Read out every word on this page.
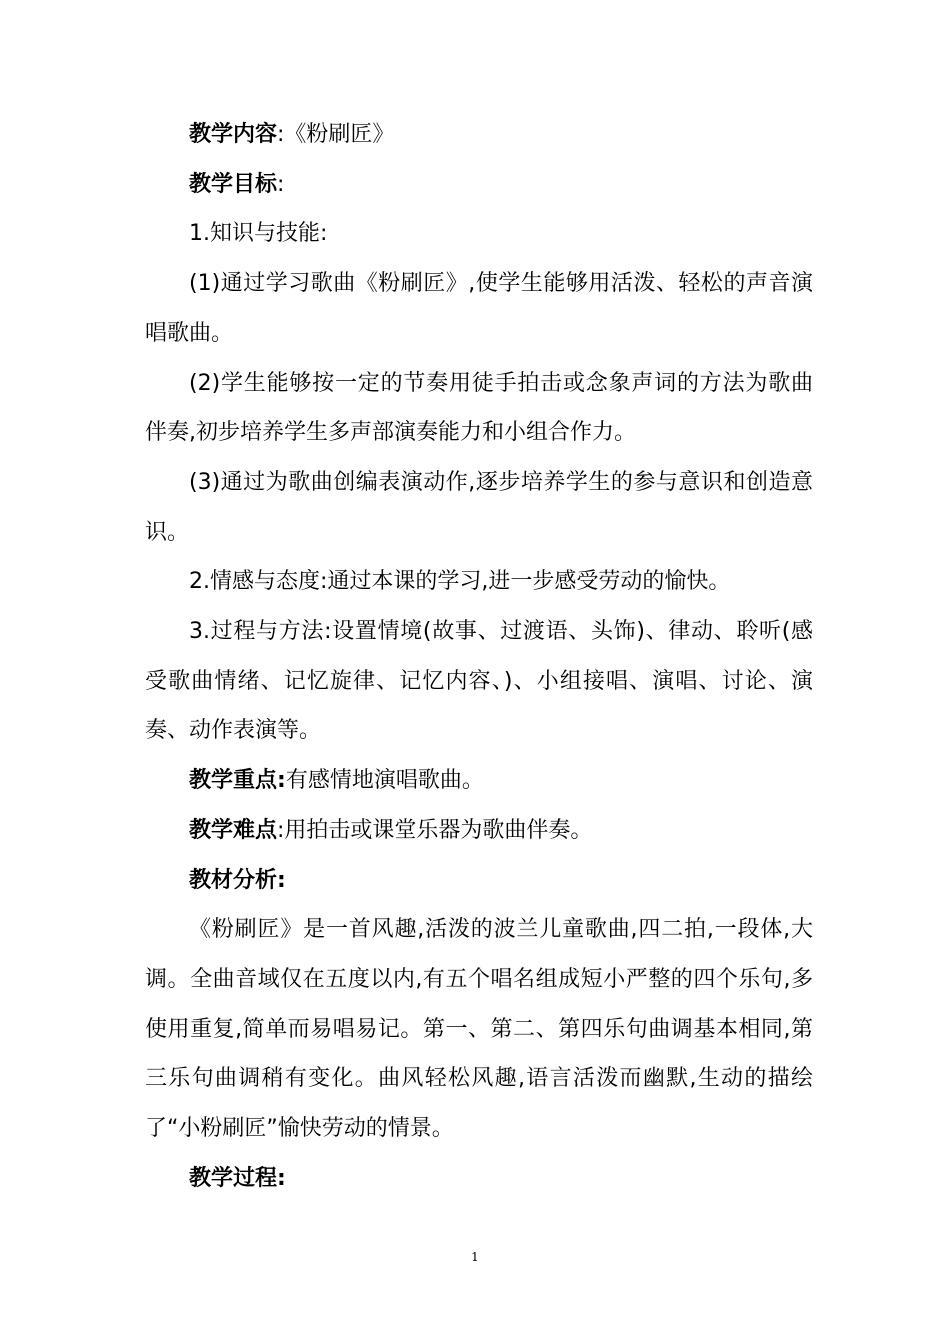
教学内容:《粉刷匠》

教学目标:

1.知识与技能:

(1)通过学习歌曲《粉刷匠》,使学生能够用活泼、轻松的声音演唱歌曲。

(2)学生能够按一定的节奏用徒手拍击或念象声词的方法为歌曲伴奏,初步培养学生多声部演奏能力和小组合作力。

(3)通过为歌曲创编表演动作,逐步培养学生的参与意识和创造意识。

2.情感与态度:通过本课的学习,进一步感受劳动的愉快。

3.过程与方法:设置情境(故事、过渡语、头饰)、律动、聆听(感受歌曲情绪、记忆旋律、记忆内容、)、小组接唱、演唱、讨论、演奏、动作表演等。

教学重点:有感情地演唱歌曲。

教学难点:用拍击或课堂乐器为歌曲伴奏。

教材分析:

《粉刷匠》是一首风趣,活泼的波兰儿童歌曲,四二拍,一段体,大调。全曲音域仅在五度以内,有五个唱名组成短小严整的四个乐句,多使用重复,简单而易唱易记。第一、第二、第四乐句曲调基本相同,第三乐句曲调稍有变化。曲风轻松风趣,语言活泼而幽默,生动的描绘了“小粉刷匠”愉快劳动的情景。

教学过程:

1
